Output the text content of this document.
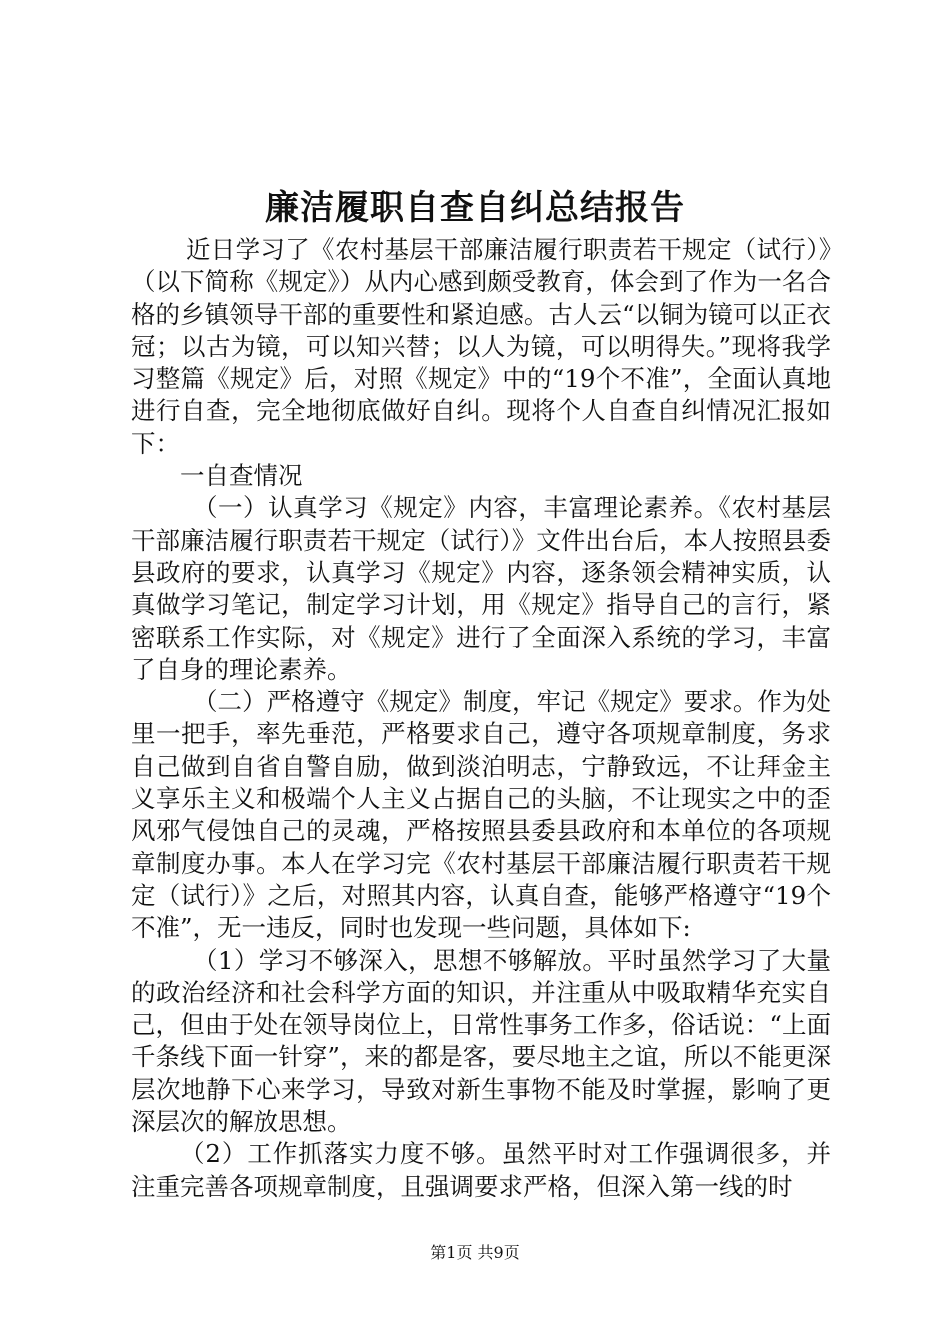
廉洁履职自查自纠总结报告

近日学习了《农村基层干部廉洁履行职责若干规定（试行）》（以下简称《规定》）从内心感到颇受教育，体会到了作为一名合格的乡镇领导干部的重要性和紧迫感。古人云“以铜为镜可以正衣冠；以古为镜，可以知兴替；以人为镜，可以明得失。”现将我学习整篇《规定》后，对照《规定》中的“19个不准”，全面认真地进行自查，完全地彻底做好自纠。现将个人自查自纠情况汇报如下：

一自查情况

（一）认真学习《规定》内容，丰富理论素养。《农村基层干部廉洁履行职责若干规定（试行）》文件出台后，本人按照县委县政府的要求，认真学习《规定》内容，逐条领会精神实质，认真做学习笔记，制定学习计划，用《规定》指导自己的言行，紧密联系工作实际，对《规定》进行了全面深入系统的学习，丰富了自身的理论素养。

（二）严格遵守《规定》制度，牢记《规定》要求。作为处里一把手，率先垂范，严格要求自己，遵守各项规章制度，务求自己做到自省自警自励，做到淡泊明志，宁静致远，不让拜金主义享乐主义和极端个人主义占据自己的头脑，不让现实之中的歪风邪气侵蚀自己的灵魂，严格按照县委县政府和本单位的各项规章制度办事。本人在学习完《农村基层干部廉洁履行职责若干规定（试行）》之后，对照其内容，认真自查，能够严格遵守“19个不准”，无一违反，同时也发现一些问题，具体如下:

（1）学习不够深入，思想不够解放。平时虽然学习了大量的政治经济和社会科学方面的知识，并注重从中吸取精华充实自己，但由于处在领导岗位上，日常性事务工作多，俗话说：“上面千条线下面一针穿”，来的都是客，要尽地主之谊，所以不能更深层次地静下心来学习，导致对新生事物不能及时掌握，影响了更深层次的解放思想。

（2）工作抓落实力度不够。虽然平时对工作强调很多，并注重完善各项规章制度，且强调要求严格，但深入第一线的时

第1页 共9页
